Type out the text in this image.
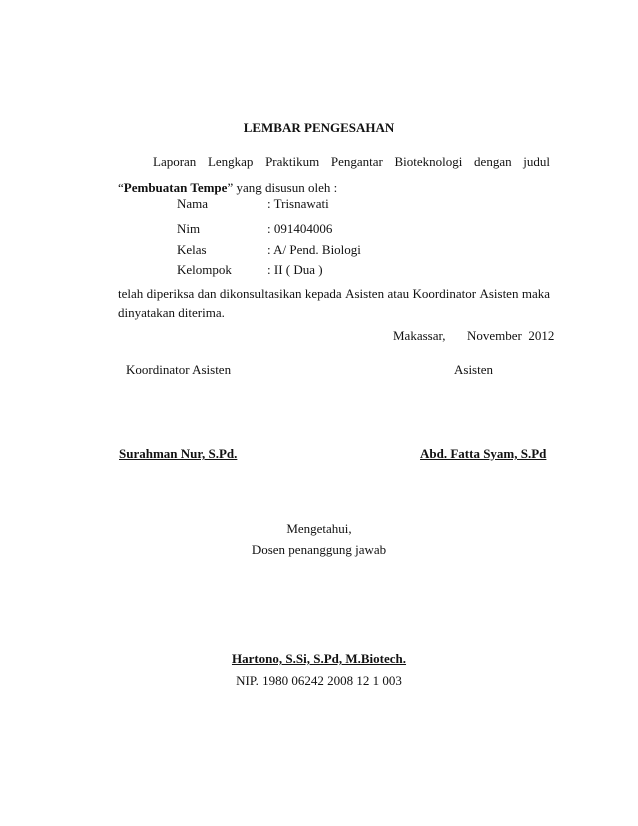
LEMBAR PENGESAHAN
Laporan Lengkap Praktikum Pengantar Bioteknologi dengan judul
“Pembuatan Tempe” yang disusun oleh :
Nama	: Trisnawati
Nim	: 091404006
Kelas	: A/ Pend. Biologi
Kelompok	: II ( Dua )
telah diperiksa dan dikonsultasikan kepada Asisten atau Koordinator Asisten maka
dinyatakan diterima.
Makassar, November  2012
Koordinator Asisten	Asisten
Surahman Nur, S.Pd.	Abd. Fatta Syam, S.Pd
Mengetahui,
Dosen penanggung jawab
Hartono, S.Si, S.Pd, M.Biotech.
NIP. 1980 06242 2008 12 1 003
